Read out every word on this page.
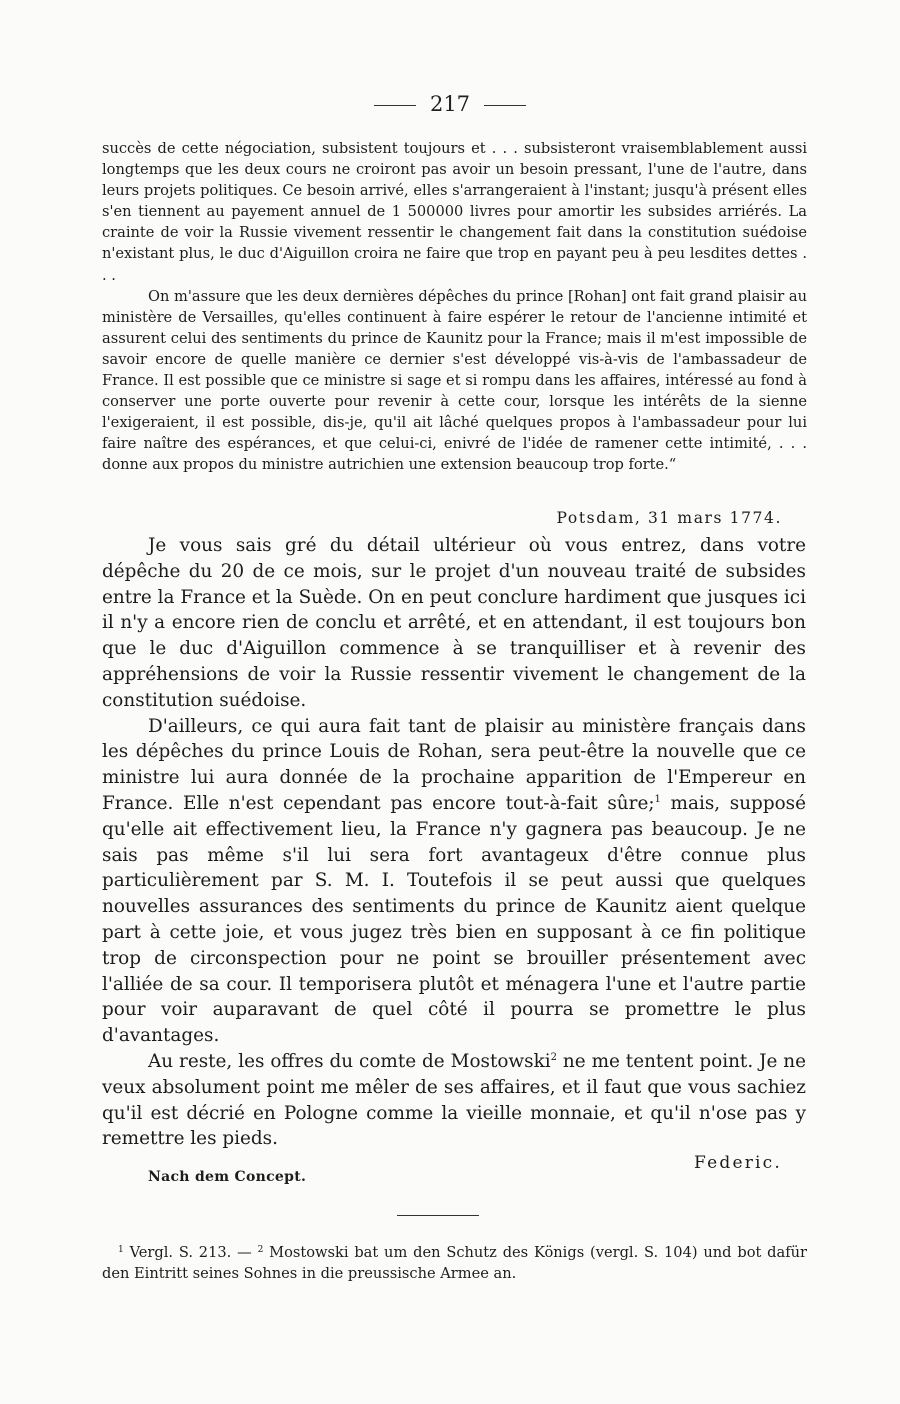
217

succès de cette négociation, subsistent toujours et . . . subsisteront vraisemblablement aussi longtemps que les deux cours ne croiront pas avoir un besoin pressant, l'une de l'autre, dans leurs projets politiques. Ce besoin arrivé, elles s'arrangeraient à l'instant; jusqu'à présent elles s'en tiennent au payement annuel de 1 500000 livres pour amortir les subsides arriérés. La crainte de voir la Russie vivement ressentir le changement fait dans la constitution suédoise n'existant plus, le duc d'Aiguillon croira ne faire que trop en payant peu à peu lesdites dettes . . .

On m'assure que les deux dernières dépêches du prince [Rohan] ont fait grand plaisir au ministère de Versailles, qu'elles continuent à faire espérer le retour de l'ancienne intimité et assurent celui des sentiments du prince de Kaunitz pour la France; mais il m'est impossible de savoir encore de quelle manière ce dernier s'est développé vis-à-vis de l'ambassadeur de France. Il est possible que ce ministre si sage et si rompu dans les affaires, intéressé au fond à conserver une porte ouverte pour revenir à cette cour, lorsque les intérêts de la sienne l'exigeraient, il est possible, dis-je, qu'il ait lâché quelques propos à l'ambassadeur pour lui faire naître des espérances, et que celui-ci, enivré de l'idée de ramener cette intimité, . . . donne aux propos du ministre autrichien une extension beaucoup trop forte.“

Potsdam, 31 mars 1774.

Je vous sais gré du détail ultérieur où vous entrez, dans votre dépêche du 20 de ce mois, sur le projet d'un nouveau traité de subsides entre la France et la Suède. On en peut conclure hardiment que jusques ici il n'y a encore rien de conclu et arrêté, et en attendant, il est toujours bon que le duc d'Aiguillon commence à se tranquilliser et à revenir des appréhensions de voir la Russie ressentir vivement le changement de la constitution suédoise.

D'ailleurs, ce qui aura fait tant de plaisir au ministère français dans les dépêches du prince Louis de Rohan, sera peut-être la nouvelle que ce ministre lui aura donnée de la prochaine apparition de l'Empereur en France. Elle n'est cependant pas encore tout-à-fait sûre;$^1$ mais, supposé qu'elle ait effectivement lieu, la France n'y gagnera pas beaucoup. Je ne sais pas même s'il lui sera fort avantageux d'être connue plus particulièrement par S. M. I. Toutefois il se peut aussi que quelques nouvelles assurances des sentiments du prince de Kaunitz aient quelque part à cette joie, et vous jugez très bien en supposant à ce fin politique trop de circonspection pour ne point se brouiller présentement avec l'alliée de sa cour. Il temporisera plutôt et ménagera l'une et l'autre partie pour voir auparavant de quel côté il pourra se promettre le plus d'avantages.

Au reste, les offres du comte de Mostowski$^2$ ne me tentent point. Je ne veux absolument point me mêler de ses affaires, et il faut que vous sachiez qu'il est décrié en Pologne comme la vieille monnaie, et qu'il n'ose pas y remettre les pieds.

Federic.
Nach dem Concept.

$^1$ Vergl. S. 213. — $^2$ Mostowski bat um den Schutz des Königs (vergl. S. 104) und bot dafür den Eintritt seines Sohnes in die preussische Armee an.
